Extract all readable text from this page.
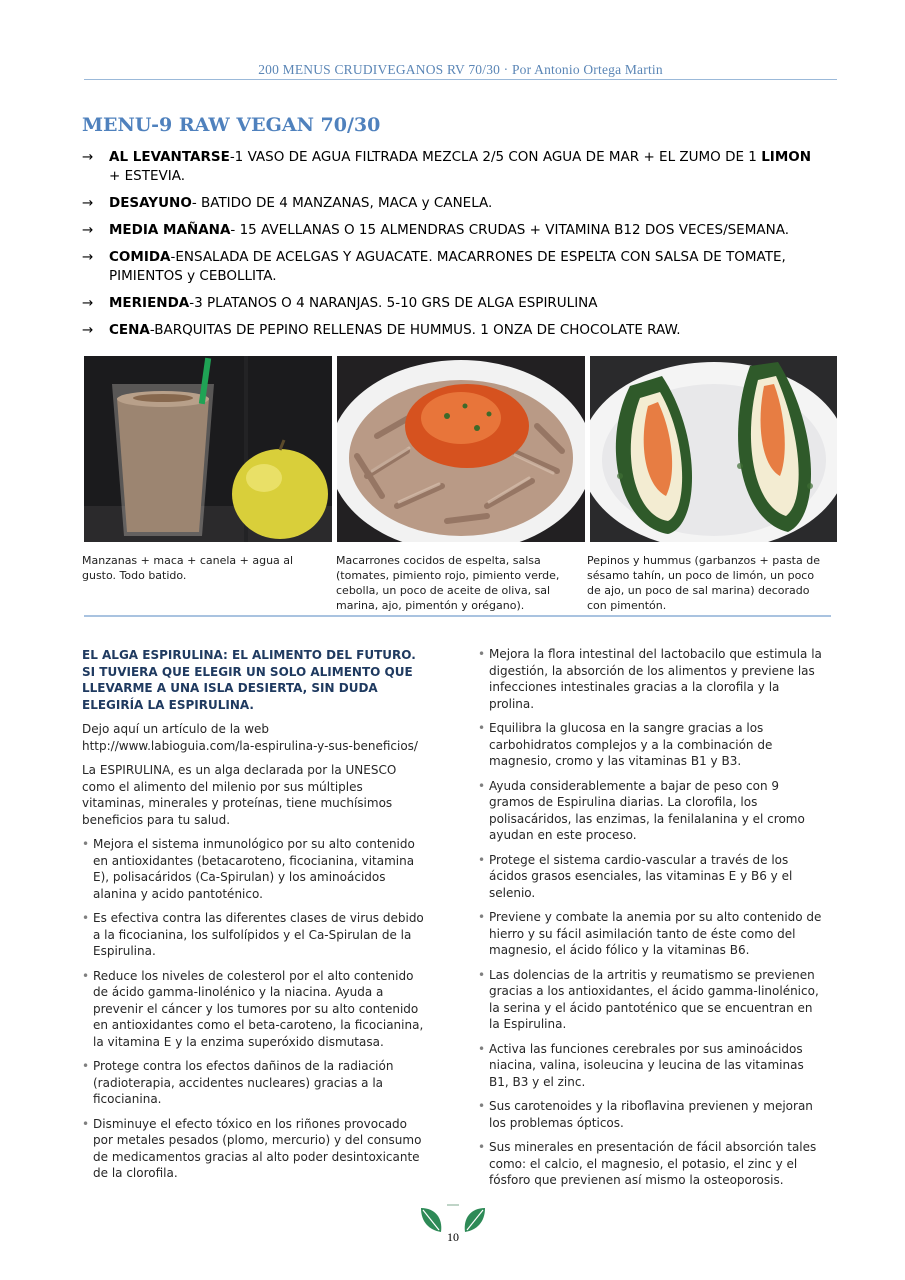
200 MENUS CRUDIVEGANOS RV 70/30 · Por Antonio Ortega Martin
MENU-9 RAW VEGAN 70/30
→ AL LEVANTARSE-1 VASO DE AGUA FILTRADA MEZCLA 2/5 CON AGUA DE MAR + EL ZUMO DE 1 LIMON + ESTEVIA.
→ DESAYUNO- BATIDO DE 4 MANZANAS, MACA y CANELA.
→ MEDIA MAÑANA- 15 AVELLANAS O 15 ALMENDRAS CRUDAS + VITAMINA B12 DOS VECES/SEMANA.
→ COMIDA-ENSALADA DE ACELGAS Y AGUACATE. MACARRONES DE ESPELTA CON SALSA DE TOMATE, PIMIENTOS y CEBOLLITA.
→ MERIENDA-3 PLATANOS O 4 NARANJAS. 5-10 GRS DE ALGA ESPIRULINA
→ CENA-BARQUITAS DE PEPINO RELLENAS DE HUMMUS. 1 ONZA DE CHOCOLATE RAW.
Manzanas + maca + canela + agua al gusto. Todo batido.
Macarrones cocidos de espelta, salsa (tomates, pimiento rojo, pimiento verde, cebolla, un poco de aceite de oliva, sal marina, ajo, pimentón y orégano).
Pepinos y hummus (garbanzos + pasta de sésamo tahín, un poco de limón, un poco de ajo, un poco de sal marina) decorado con pimentón.
EL ALGA ESPIRULINA: EL ALIMENTO DEL FUTURO. SI TUVIERA QUE ELEGIR UN SOLO ALIMENTO QUE LLEVARME A UNA ISLA DESIERTA, SIN DUDA ELEGIRÍA LA ESPIRULINA.

Dejo aquí un artículo de la web http://www.labioguia.com/la-espirulina-y-sus-beneficios/

La ESPIRULINA, es un alga declarada por la UNESCO como el alimento del milenio por sus múltiples vitaminas, minerales y proteínas, tiene muchísimos beneficios para tu salud.

• Mejora el sistema inmunológico por su alto contenido en antioxidantes (betacaroteno, ficocianina, vitamina E), polisacáridos (Ca-Spirulan) y los aminoácidos alanina y acido pantoténico.
• Es efectiva contra las diferentes clases de virus debido a la ficocianina, los sulfolípidos y el Ca-Spirulan de la Espirulina.
• Reduce los niveles de colesterol por el alto contenido de ácido gamma-linolénico y la niacina. Ayuda a prevenir el cáncer y los tumores por su alto contenido en antioxidantes como el beta-caroteno, la ficocianina, la vitamina E y la enzima superóxido dismutasa.
• Protege contra los efectos dañinos de la radiación (radioterapia, accidentes nucleares) gracias a la ficocianina.
• Disminuye el efecto tóxico en los riñones provocado por metales pesados (plomo, mercurio) y del consumo de medicamentos gracias al alto poder desintoxicante de la clorofila.
• Mejora la flora intestinal del lactobacilo que estimula la digestión, la absorción de los alimentos y previene las infecciones intestinales gracias a la clorofila y la prolina.
• Equilibra la glucosa en la sangre gracias a los carbohidratos complejos y a la combinación de magnesio, cromo y las vitaminas B1 y B3.
• Ayuda considerablemente a bajar de peso con 9 gramos de Espirulina diarias. La clorofila, los polisacáridos, las enzimas, la fenilalanina y el cromo ayudan en este proceso.
• Protege el sistema cardio-vascular a través de los ácidos grasos esenciales, las vitaminas E y B6 y el selenio.
• Previene y combate la anemia por su alto contenido de hierro y su fácil asimilación tanto de éste como del magnesio, el ácido fólico y la vitaminas B6.
• Las dolencias de la artritis y reumatismo se previenen gracias a los antioxidantes, el ácido gamma-linolénico, la serina y el ácido pantoténico que se encuentran en la Espirulina.
• Activa las funciones cerebrales por sus aminoácidos niacina, valina, isoleucina y leucina de las vitaminas B1, B3 y el zinc.
• Sus carotenoides y la riboflavina previenen y mejoran los problemas ópticos.
• Sus minerales en presentación de fácil absorción tales como: el calcio, el magnesio, el potasio, el zinc y el fósforo que previenen así mismo la osteoporosis.
10
